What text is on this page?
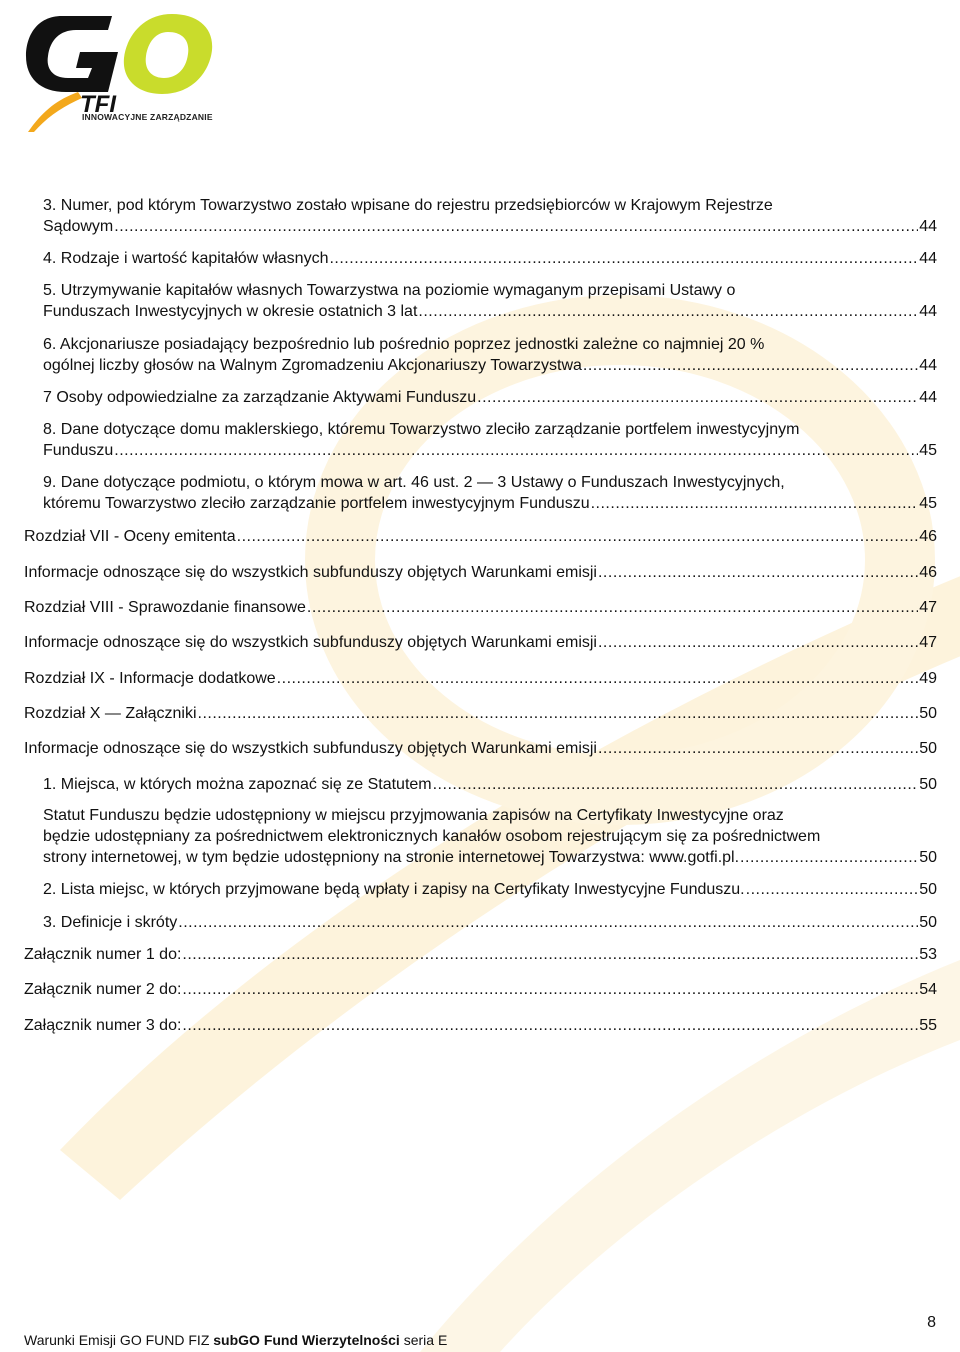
TFI
INNOWACYJNE ZARZĄDZANIE
3. Numer, pod którym Towarzystwo zostało wpisane do rejestru przedsiębiorców w Krajowym Rejestrze
Sądowym .....	44
4. Rodzaje i wartość kapitałów własnych .....	44
5. Utrzymywanie kapitałów własnych Towarzystwa na poziomie wymaganym przepisami Ustawy o
Funduszach Inwestycyjnych w okresie ostatnich 3 lat .....	44
6. Akcjonariusze posiadający bezpośrednio lub pośrednio poprzez jednostki zależne co najmniej 20 %
ogólnej liczby głosów na Walnym Zgromadzeniu Akcjonariuszy Towarzystwa .....	44
7 Osoby odpowiedzialne za zarządzanie Aktywami Funduszu .....	44
8. Dane dotyczące domu maklerskiego, któremu Towarzystwo zleciło zarządzanie portfelem inwestycyjnym
Funduszu .....	45
9. Dane dotyczące podmiotu, o którym mowa w art. 46 ust. 2 — 3 Ustawy o Funduszach Inwestycyjnych,
któremu Towarzystwo zleciło zarządzanie portfelem inwestycyjnym Funduszu .....	45
Rozdział VII - Oceny emitenta .....	46
Informacje odnoszące się do wszystkich subfunduszy objętych Warunkami emisji .....	46
Rozdział VIII - Sprawozdanie finansowe .....	47
Informacje odnoszące się do wszystkich subfunduszy objętych Warunkami emisji .....	47
Rozdział IX - Informacje dodatkowe .....	49
Rozdział X — Załączniki .....	50
Informacje odnoszące się do wszystkich subfunduszy objętych Warunkami emisji .....	50
1. Miejsca, w których można zapoznać się ze Statutem .....	50
Statut Funduszu będzie udostępniony w miejscu przyjmowania zapisów na Certyfikaty Inwestycyjne oraz
będzie udostępniany za pośrednictwem elektronicznych kanałów osobom rejestrującym się za pośrednictwem
strony internetowej, w tym będzie udostępniony na stronie internetowej Towarzystwa: www.gotfi.pl. .....	50
2. Lista miejsc, w których przyjmowane będą wpłaty i zapisy na Certyfikaty Inwestycyjne Funduszu. .....	50
3. Definicje i skróty .....	50
Załącznik numer 1 do: .....	53
Załącznik numer 2 do: .....	54
Załącznik numer 3 do: .....	55
Warunki Emisji GO FUND FIZ subGO Fund Wierzytelności seria E
8
